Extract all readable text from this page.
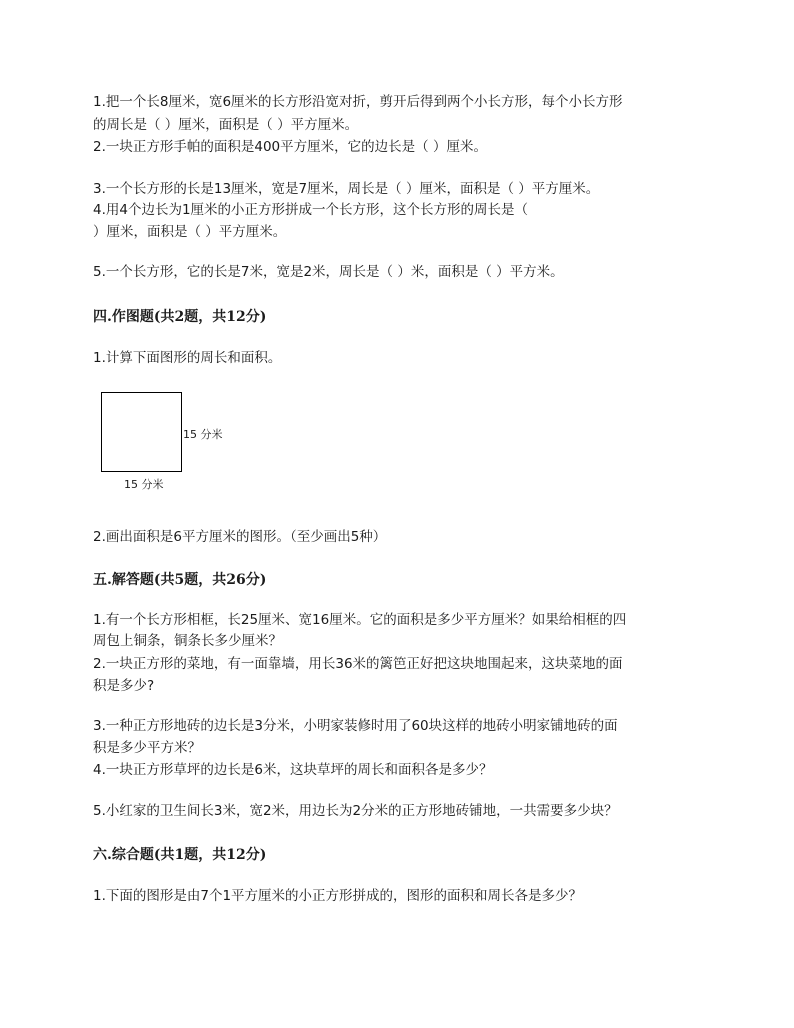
1.把一个长8厘米，宽6厘米的长方形沿宽对折，剪开后得到两个小长方形，每个小长方形
的周长是（ ）厘米，面积是（ ）平方厘米。
2.一块正方形手帕的面积是400平方厘米，它的边长是（ ）厘米。
3.一个长方形的长是13厘米，宽是7厘米，周长是（ ）厘米，面积是（ ）平方厘米。
4.用4个边长为1厘米的小正方形拼成一个长方形，这个长方形的周长是（
）厘米，面积是（ ）平方厘米。
5.一个长方形，它的长是7米，宽是2米，周长是（ ）米，面积是（ ）平方米。
四.作图题(共2题，共12分)
1.计算下面图形的周长和面积。
15 分米
15 分米
2.画出面积是6平方厘米的图形。（至少画出5种）
五.解答题(共5题，共26分)
1.有一个长方形相框，长25厘米、宽16厘米。它的面积是多少平方厘米？如果给相框的四
周包上铜条，铜条长多少厘米？
2.一块正方形的菜地，有一面靠墙，用长36米的篱笆正好把这块地围起来，这块菜地的面
积是多少?
3.一种正方形地砖的边长是3分米，小明家装修时用了60块这样的地砖小明家铺地砖的面
积是多少平方米？
4.一块正方形草坪的边长是6米，这块草坪的周长和面积各是多少？
5.小红家的卫生间长3米，宽2米，用边长为2分米的正方形地砖铺地，一共需要多少块？
六.综合题(共1题，共12分)
1.下面的图形是由7个1平方厘米的小正方形拼成的，图形的面积和周长各是多少？
